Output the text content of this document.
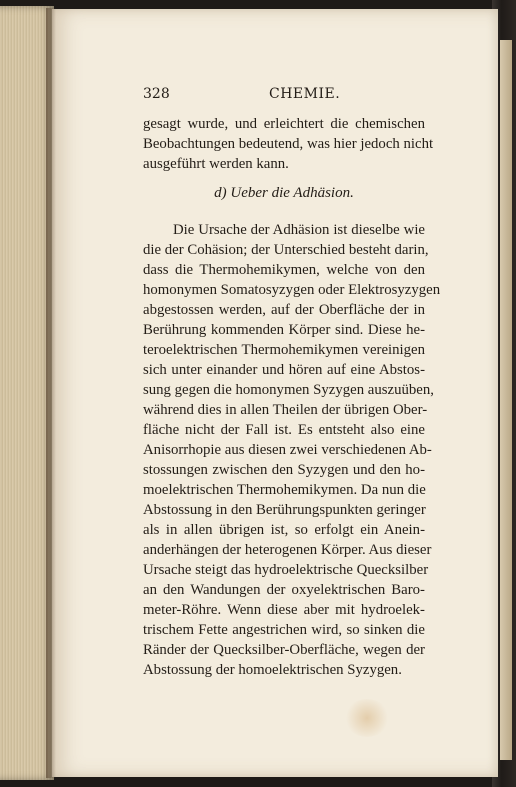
328	CHEMIE.
gesagt wurde, und erleichtert die chemischen
Beobachtungen bedeutend, was hier jedoch nicht
ausgeführt werden kann.
d) Ueber die Adhäsion.
Die Ursache der Adhäsion ist dieselbe wie
die der Cohäsion; der Unterschied besteht darin,
dass die Thermohemikymen, welche von den
homonymen Somatosyzygen oder Elektrosyzygen
abgestossen werden, auf der Oberfläche der in
Berührung kommenden Körper sind. Diese he-
teroelektrischen Thermohemikymen vereinigen
sich unter einander und hören auf eine Abstos-
sung gegen die homonymen Syzygen auszuüben,
während dies in allen Theilen der übrigen Ober-
fläche nicht der Fall ist. Es entsteht also eine
Anisorrhopie aus diesen zwei verschiedenen Ab-
stossungen zwischen den Syzygen und den ho-
moelektrischen Thermohemikymen. Da nun die
Abstossung in den Berührungspunkten geringer
als in allen übrigen ist, so erfolgt ein Anein-
anderhängen der heterogenen Körper. Aus dieser
Ursache steigt das hydroelektrische Quecksilber
an den Wandungen der oxyelektrischen Baro-
meter-Röhre. Wenn diese aber mit hydroelek-
trischem Fette angestrichen wird, so sinken die
Ränder der Quecksilber-Oberfläche, wegen der
Abstossung der homoelektrischen Syzygen.
